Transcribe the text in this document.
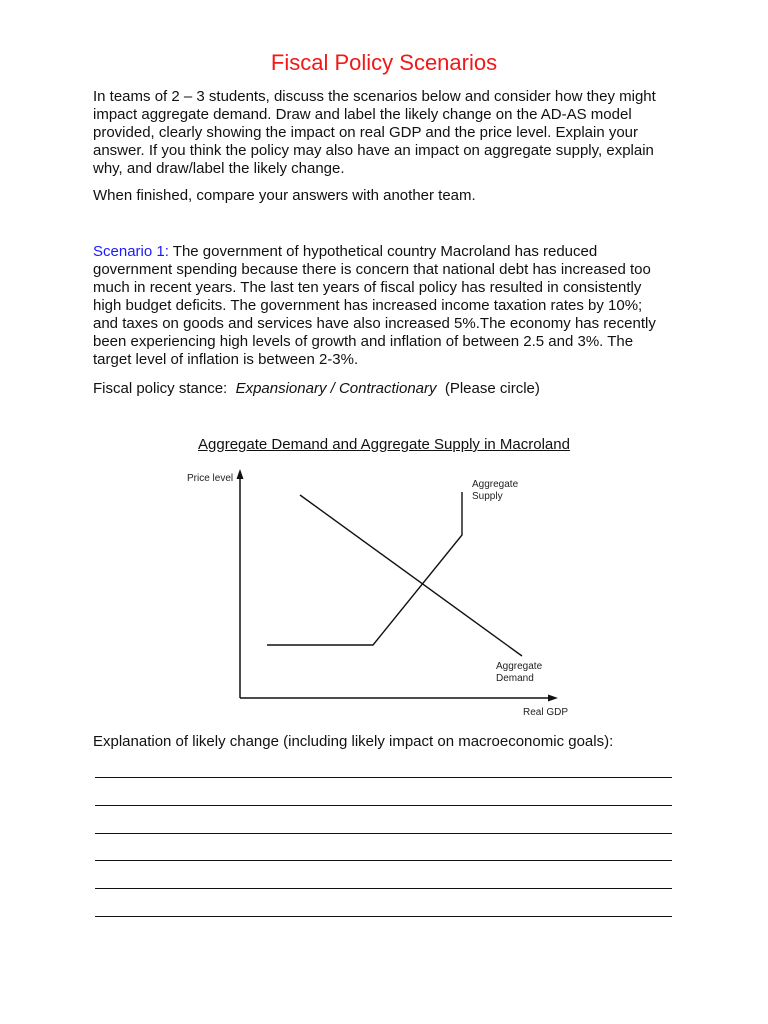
Fiscal Policy Scenarios
In teams of 2 – 3 students, discuss the scenarios below and consider how they might
impact aggregate demand. Draw and label the likely change on the AD-AS model
provided, clearly showing the impact on real GDP and the price level. Explain your
answer. If you think the policy may also have an impact on aggregate supply, explain
why, and draw/label the likely change.
When finished, compare your answers with another team.
Scenario 1: The government of hypothetical country Macroland has reduced
government spending because there is concern that national debt has increased too
much in recent years. The last ten years of fiscal policy has resulted in consistently
high budget deficits. The government has increased income taxation rates by 10%;
and taxes on goods and services have also increased 5%.The economy has recently
been experiencing high levels of growth and inflation of between 2.5 and 3%. The
target level of inflation is between 2-3%.
Fiscal policy stance: Expansionary / Contractionary (Please circle)
Aggregate Demand and Aggregate Supply in Macroland
Price level
Aggregate
Supply
Aggregate
Demand
Real GDP
Explanation of likely change (including likely impact on macroeconomic goals):
